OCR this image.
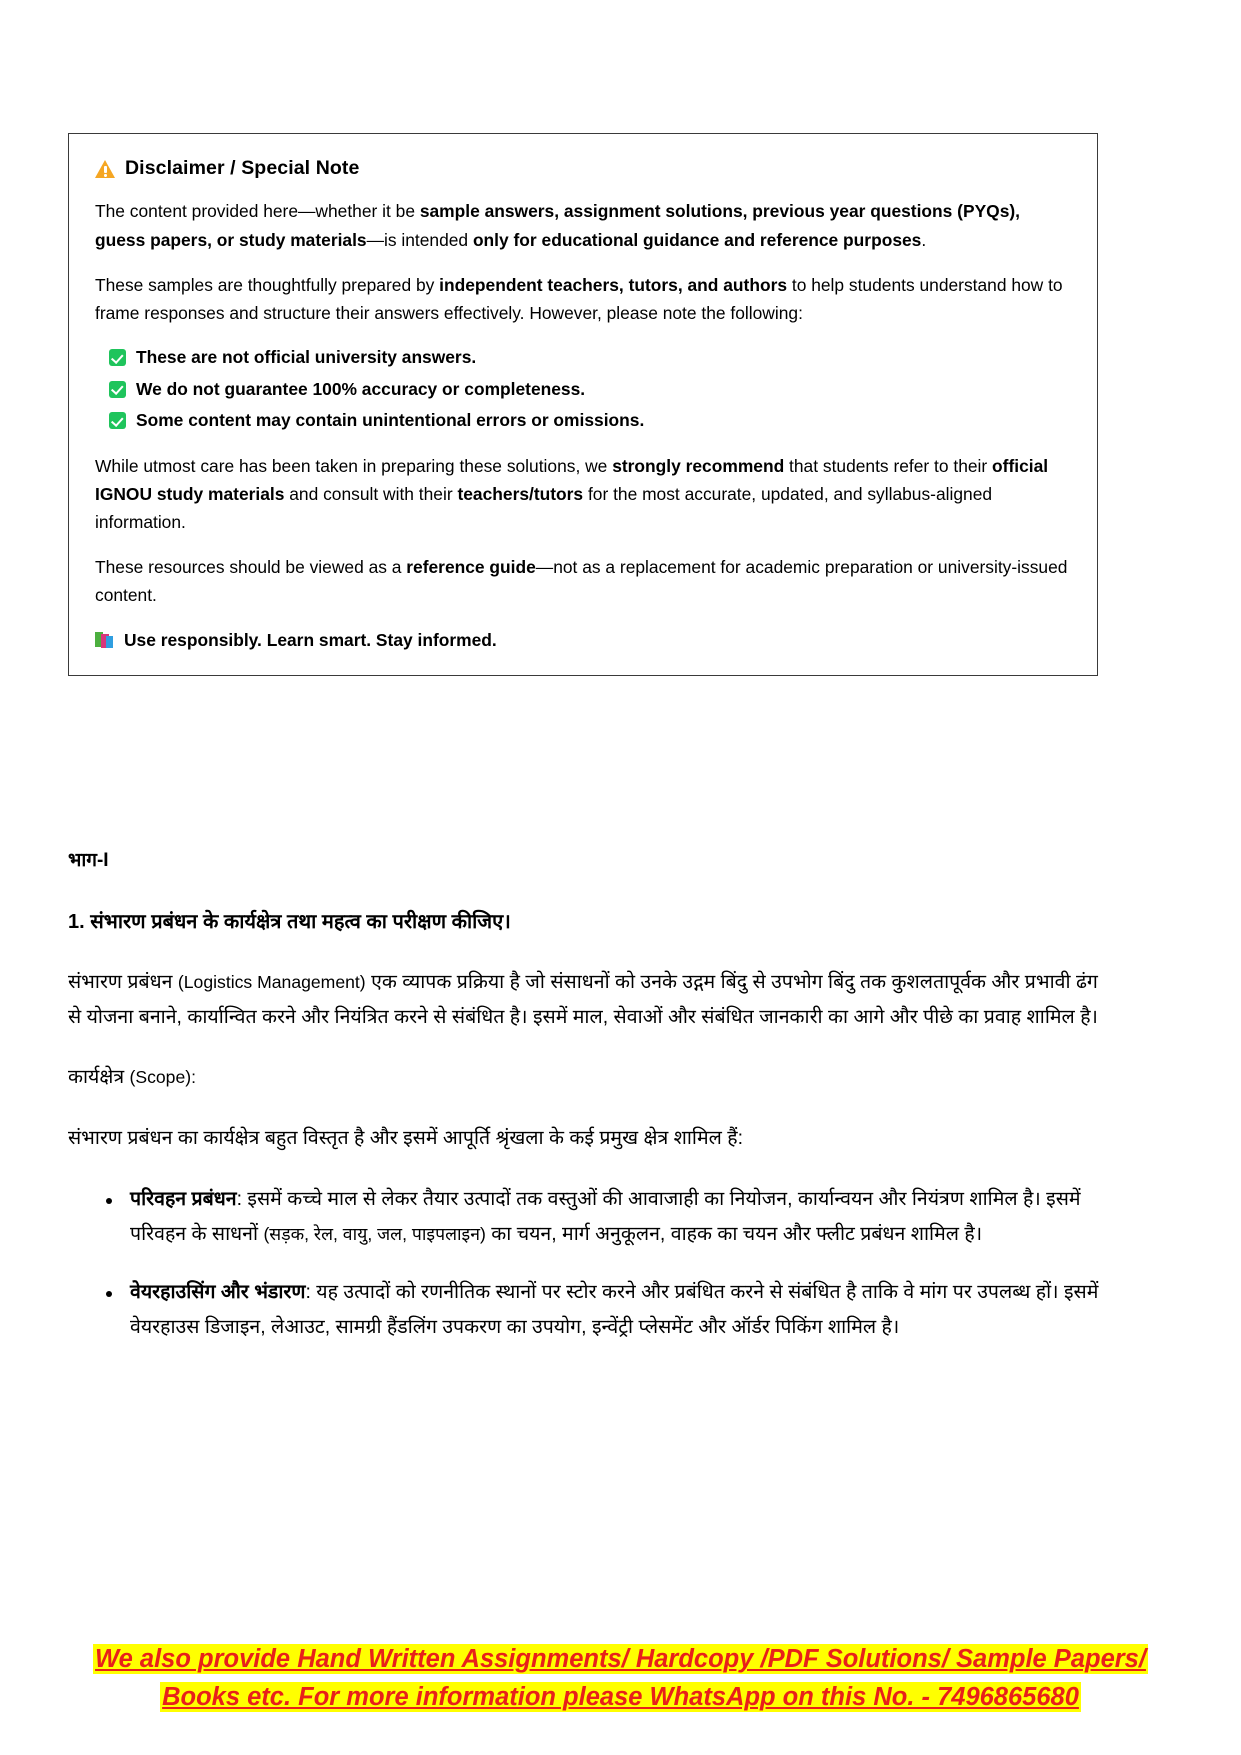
Disclaimer / Special Note

The content provided here—whether it be sample answers, assignment solutions, previous year questions (PYQs), guess papers, or study materials—is intended only for educational guidance and reference purposes.

These samples are thoughtfully prepared by independent teachers, tutors, and authors to help students understand how to frame responses and structure their answers effectively. However, please note the following:

These are not official university answers.
We do not guarantee 100% accuracy or completeness.
Some content may contain unintentional errors or omissions.

While utmost care has been taken in preparing these solutions, we strongly recommend that students refer to their official IGNOU study materials and consult with their teachers/tutors for the most accurate, updated, and syllabus-aligned information.

These resources should be viewed as a reference guide—not as a replacement for academic preparation or university-issued content.

Use responsibly. Learn smart. Stay informed.

भाग-I
1. संभारण प्रबंधन के कार्यक्षेत्र तथा महत्व का परीक्षण कीजिए।

संभारण प्रबंधन (Logistics Management) एक व्यापक प्रक्रिया है जो संसाधनों को उनके उद्गम बिंदु से उपभोग बिंदु तक कुशलतापूर्वक और प्रभावी ढंग से योजना बनाने, कार्यान्वित करने और नियंत्रित करने से संबंधित है। इसमें माल, सेवाओं और संबंधित जानकारी का आगे और पीछे का प्रवाह शामिल है।

कार्यक्षेत्र (Scope):

संभारण प्रबंधन का कार्यक्षेत्र बहुत विस्तृत है और इसमें आपूर्ति श्रृंखला के कई प्रमुख क्षेत्र शामिल हैं:

परिवहन प्रबंधन: इसमें कच्चे माल से लेकर तैयार उत्पादों तक वस्तुओं की आवाजाही का नियोजन, कार्यान्वयन और नियंत्रण शामिल है। इसमें परिवहन के साधनों (सड़क, रेल, वायु, जल, पाइपलाइन) का चयन, मार्ग अनुकूलन, वाहक का चयन और फ्लीट प्रबंधन शामिल है।
वेयरहाउसिंग और भंडारण: यह उत्पादों को रणनीतिक स्थानों पर स्टोर करने और प्रबंधित करने से संबंधित है ताकि वे मांग पर उपलब्ध हों। इसमें वेयरहाउस डिजाइन, लेआउट, सामग्री हैंडलिंग उपकरण का उपयोग, इन्वेंट्री प्लेसमेंट और ऑर्डर पिकिंग शामिल है।
We also provide Hand Written Assignments/ Hardcopy /PDF Solutions/ Sample Papers/
Books etc. For more information please WhatsApp on this No. - 7496865680
